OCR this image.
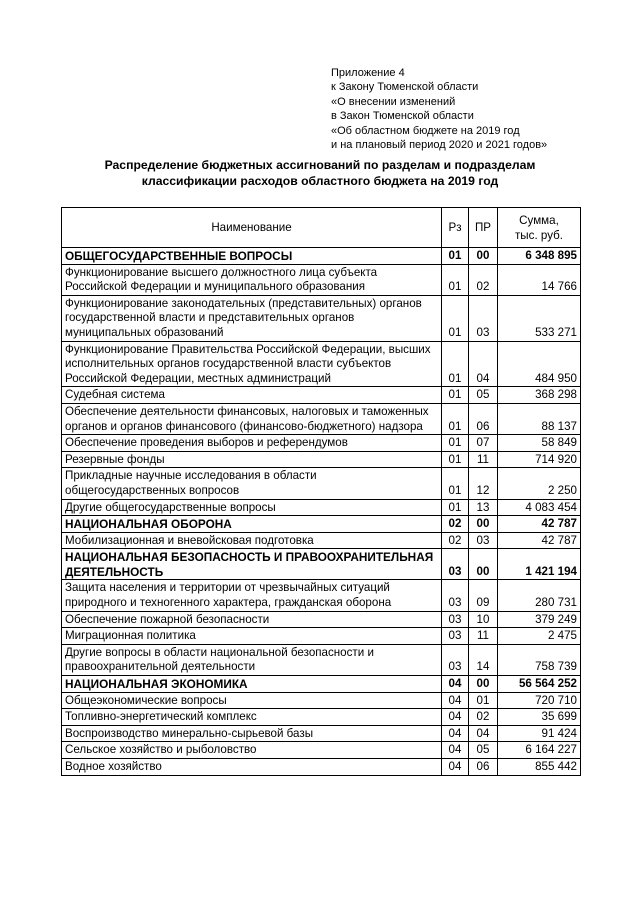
Приложение 4
к Закону Тюменской области
«О внесении изменений
в Закон Тюменской области
«Об областном бюджете на 2019 год
и на плановый период 2020 и 2021 годов»
Распределение бюджетных ассигнований по разделам и подразделам
классификации расходов областного бюджета на 2019 год
Наименование	Рз	ПР	Сумма,
тыс. руб.

ОБЩЕГОСУДАРСТВЕННЫЕ ВОПРОСЫ	01	00	6 348 895
Функционирование высшего должностного лица субъекта Российской Федерации и муниципального образования	01	02	14 766
Функционирование законодательных (представительных) органов государственной власти и представительных органов муниципальных образований	01	03	533 271
Функционирование Правительства Российской Федерации, высших исполнительных органов государственной власти субъектов Российской Федерации, местных администраций	01	04	484 950
Судебная система	01	05	368 298
Обеспечение деятельности финансовых, налоговых и таможенных органов и органов финансового (финансово-бюджетного) надзора	01	06	88 137
Обеспечение проведения выборов и референдумов	01	07	58 849
Резервные фонды	01	11	714 920
Прикладные научные исследования в области общегосударственных вопросов	01	12	2 250
Другие общегосударственные вопросы	01	13	4 083 454
НАЦИОНАЛЬНАЯ ОБОРОНА	02	00	42 787
Мобилизационная и вневойсковая подготовка	02	03	42 787
НАЦИОНАЛЬНАЯ БЕЗОПАСНОСТЬ И ПРАВООХРАНИТЕЛЬНАЯ ДЕЯТЕЛЬНОСТЬ	03	00	1 421 194
Защита населения и территории от чрезвычайных ситуаций природного и техногенного характера, гражданская оборона	03	09	280 731
Обеспечение пожарной безопасности	03	10	379 249
Миграционная политика	03	11	2 475
Другие вопросы в области национальной безопасности и правоохранительной деятельности	03	14	758 739
НАЦИОНАЛЬНАЯ ЭКОНОМИКА	04	00	56 564 252
Общеэкономические вопросы	04	01	720 710
Топливно-энергетический комплекс	04	02	35 699
Воспроизводство минерально-сырьевой базы	04	04	91 424
Сельское хозяйство и рыболовство	04	05	6 164 227
Водное хозяйство	04	06	855 442
